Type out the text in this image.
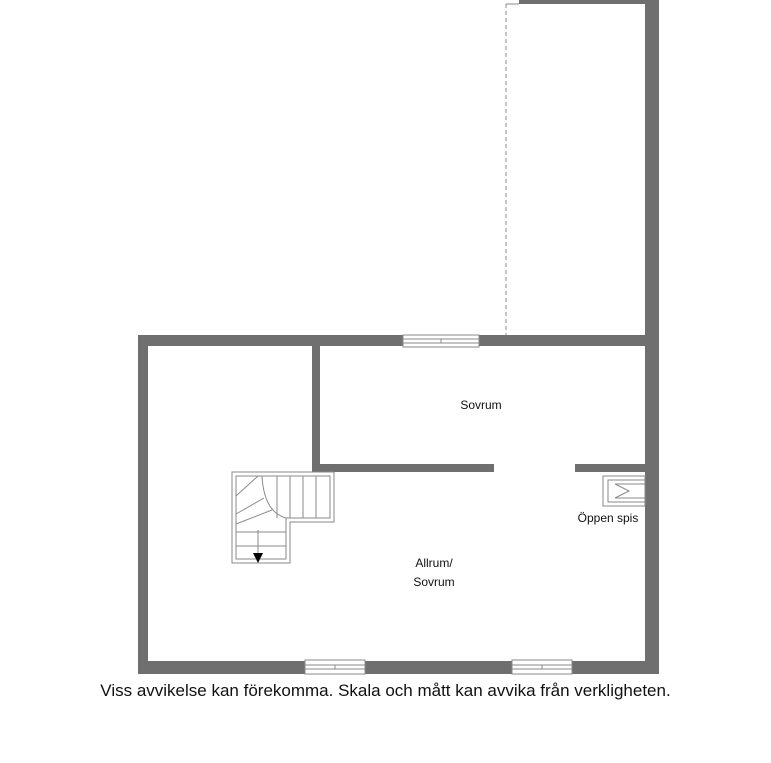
Sovrum
Allrum/
Sovrum
Öppen spis
Viss avvikelse kan förekomma. Skala och mått kan avvika från verkligheten.
